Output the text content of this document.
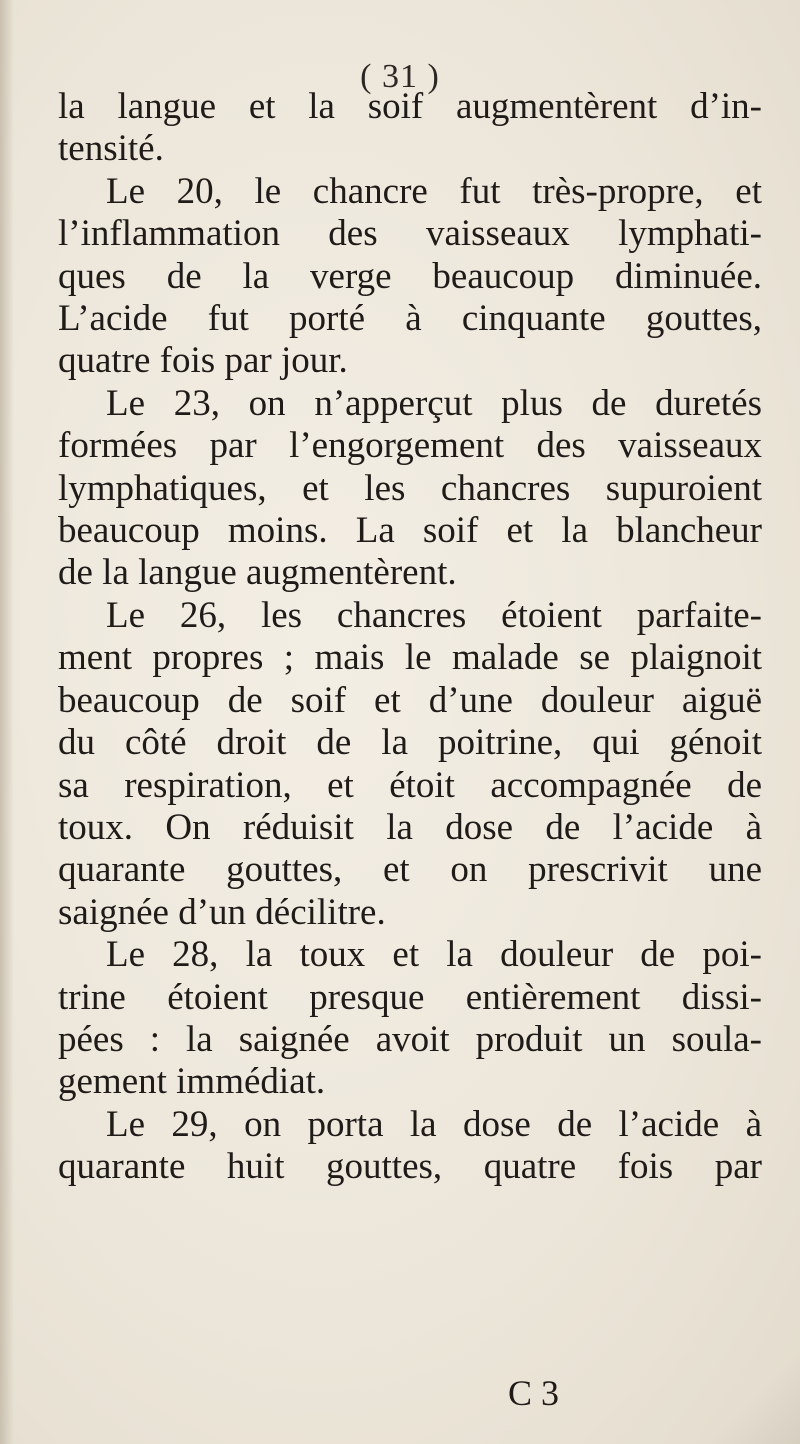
( 31 )
la langue et la soif augmentèrent d’in-
tensité.
Le 20, le chancre fut très-propre, et
l’inflammation des vaisseaux lymphati-
ques de la verge beaucoup diminuée.
L’acide fut porté à cinquante gouttes,
quatre fois par jour.
Le 23, on n’apperçut plus de duretés
formées par l’engorgement des vaisseaux
lymphatiques, et les chancres supuroient
beaucoup moins. La soif et la blancheur
de la langue augmentèrent.
Le 26, les chancres étoient parfaite-
ment propres ; mais le malade se plaignoit
beaucoup de soif et d’une douleur aiguë
du côté droit de la poitrine, qui génoit
sa respiration, et étoit accompagnée de
toux. On réduisit la dose de l’acide à
quarante gouttes, et on prescrivit une
saignée d’un décilitre.
Le 28, la toux et la douleur de poi-
trine étoient presque entièrement dissi-
pées : la saignée avoit produit un soula-
gement immédiat.
Le 29, on porta la dose de l’acide à
quarante huit gouttes, quatre fois par
C 3
